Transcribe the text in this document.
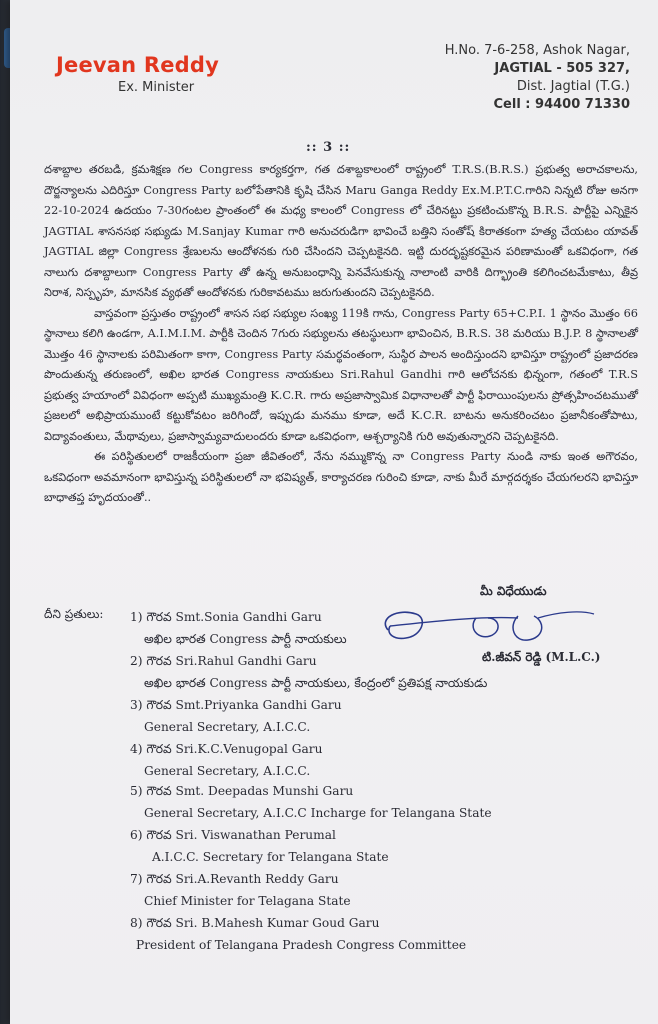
Jeevan Reddy
Ex. Minister
H.No. 7-6-258, Ashok Nagar,
JAGTIAL - 505 327,
Dist. Jagtial (T.G.)
Cell : 94400 71330
:: 3 ::

దశాబ్దాల తరబడి, క్రమశిక్షణ గల Congress కార్యకర్తగా, గత దశాబ్దకాలంలో రాష్ట్రంలో T.R.S.(B.R.S.) ప్రభుత్వ అరాచకాలను, దౌర్జన్యాలను ఎదిరిస్తూ Congress Party బలోపేతానికి కృషి చేసిన Maru Ganga Reddy Ex.M.P.T.C.గారిని నిన్నటి రోజు అనగా 22-10-2024 ఉదయం 7-30గంటల ప్రాంతంలో ఈ మధ్య కాలంలో Congress లో చేరినట్టు ప్రకటించుకొన్న B.R.S. పార్టీపై ఎన్నికైన JAGTIAL శాసనసభ సభ్యుడు M.Sanjay Kumar గారి అనుచరుడిగా భావించే బత్తిని సంతోష్ కిరాతకంగా హత్య చేయటం యావత్ JAGTIAL జిల్లా Congress శ్రేణులను ఆందోళనకు గురి చేసిందని చెప్పటకైనది. ఇట్టి దురదృష్టకరమైన పరిణామంతో ఒకవిధంగా, గత నాలుగు దశాబ్దాలుగా Congress Party తో ఉన్న అనుబంధాన్ని పెనవేసుకున్న నాలాంటి వారికి దిగ్భ్రాంతి కలిగించటమేకాటు, తీవ్ర నిరాశ, నిస్పృహ, మానసిక వ్యథతో ఆందోళనకు గురికావటము జరుగుతుందని చెప్పటకైనది.

వాస్తవంగా ప్రస్తుతం రాష్ట్రంలో శాసన సభ సభ్యుల సంఖ్య 119కి గాను, Congress Party 65+C.P.I. 1 స్థానం మొత్తం 66 స్థానాలు కలిగి ఉండగా, A.I.M.I.M. పార్టీకి చెందిన 7గురు సభ్యులను తటస్థులుగా భావించిన, B.R.S. 38 మరియు B.J.P. 8 స్థానాలతో మొత్తం 46 స్థానాలకు పరిమితంగా కాగా, Congress Party సమర్థవంతంగా, సుస్థిర పాలన అందిస్తుందని భావిస్తూ రాష్ట్రంలో ప్రజాదరణ పొందుతున్న తరుణంలో, అఖిల భారత Congress నాయకులు Sri.Rahul Gandhi గారి ఆలోచనకు భిన్నంగా, గతంలో T.R.S ప్రభుత్వ హయాంలో వివిధంగా అప్పటి ముఖ్యమంత్రి K.C.R. గారు అప్రజాస్వామిక విధానాలతో పార్టీ ఫిరాయింపులను ప్రోత్సహించటముతో ప్రజలలో అభిప్రాయముంటే కట్టుకోవటం జరిగిందో, ఇప్పుడు మనము కూడా, అదే K.C.R. బాటను అనుకరించటం ప్రజానీకంతోపాటు, విద్యావంతులు, మేథావులు, ప్రజాస్వామ్యవాదులందరు కూడా ఒకవిధంగా, ఆశ్చర్యానికి గురి అవుతున్నారని చెప్పటకైనది.

ఈ పరిస్థితులలో రాజకీయంగా ప్రజా జీవితంలో, నేను నమ్ముకొన్న నా Congress Party నుండి నాకు ఇంత అగౌరవం, ఒకవిధంగా అవమానంగా భావిస్తున్న పరిస్థితులలో నా భవిష్యత్, కార్యాచరణ గురించి కూడా, నాకు మీరే మార్గదర్శకం చేయగలరని భావిస్తూ బాధాతప్త హృదయంతో..

మీ విధేయుడు
టి.జీవన్ రెడ్డి (M.L.C.)
దీని ప్రతులు: 1) గౌరవ Smt.Sonia Gandhi Garu
అఖిల భారత Congress పార్టీ నాయకులు
2) గౌరవ Sri.Rahul Gandhi Garu
అఖిల భారత Congress పార్టీ నాయకులు, కేంద్రంలో ప్రతిపక్ష నాయకుడు
3) గౌరవ Smt.Priyanka Gandhi Garu
General Secretary, A.I.C.C.
4) గౌరవ Sri.K.C.Venugopal Garu
General Secretary, A.I.C.C.
5) గౌరవ Smt. Deepadas Munshi Garu
General Secretary, A.I.C.C Incharge for Telangana State
6) గౌరవ Sri. Viswanathan Perumal
A.I.C.C. Secretary for Telangana State
7) గౌరవ Sri.A.Revanth Reddy Garu
Chief Minister for Telagana State
8) గౌరవ Sri. B.Mahesh Kumar Goud Garu
President of Telangana Pradesh Congress Committee
